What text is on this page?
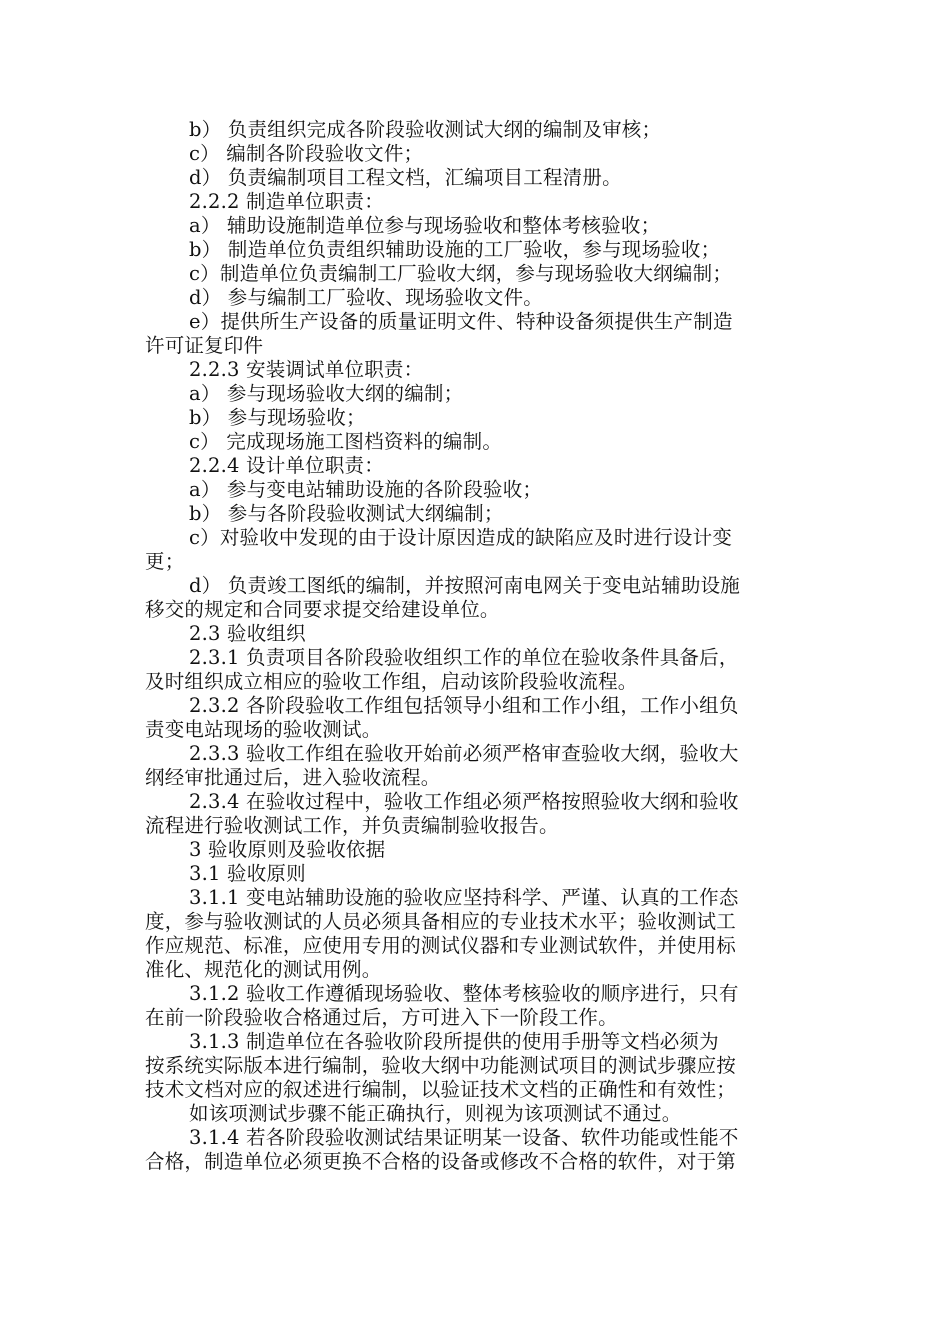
b） 负责组织完成各阶段验收测试大纲的编制及审核；
c） 编制各阶段验收文件；
d） 负责编制项目工程文档，汇编项目工程清册。
2.2.2 制造单位职责：
a） 辅助设施制造单位参与现场验收和整体考核验收；
b） 制造单位负责组织辅助设施的工厂验收，参与现场验收；
c）制造单位负责编制工厂验收大纲，参与现场验收大纲编制；
d） 参与编制工厂验收、现场验收文件。
e）提供所生产设备的质量证明文件、特种设备须提供生产制造
许可证复印件
2.2.3 安装调试单位职责：
a） 参与现场验收大纲的编制；
b） 参与现场验收；
c） 完成现场施工图档资料的编制。
2.2.4 设计单位职责：
a） 参与变电站辅助设施的各阶段验收；
b） 参与各阶段验收测试大纲编制；
c）对验收中发现的由于设计原因造成的缺陷应及时进行设计变
更；
d） 负责竣工图纸的编制，并按照河南电网关于变电站辅助设施
移交的规定和合同要求提交给建设单位。
2.3 验收组织
2.3.1 负责项目各阶段验收组织工作的单位在验收条件具备后，
及时组织成立相应的验收工作组，启动该阶段验收流程。
2.3.2 各阶段验收工作组包括领导小组和工作小组，工作小组负
责变电站现场的验收测试。
2.3.3 验收工作组在验收开始前必须严格审查验收大纲，验收大
纲经审批通过后，进入验收流程。
2.3.4 在验收过程中，验收工作组必须严格按照验收大纲和验收
流程进行验收测试工作，并负责编制验收报告。
3 验收原则及验收依据
3.1 验收原则
3.1.1 变电站辅助设施的验收应坚持科学、严谨、认真的工作态
度，参与验收测试的人员必须具备相应的专业技术水平；验收测试工
作应规范、标准，应使用专用的测试仪器和专业测试软件，并使用标
准化、规范化的测试用例。
3.1.2 验收工作遵循现场验收、整体考核验收的顺序进行，只有
在前一阶段验收合格通过后，方可进入下一阶段工作。
3.1.3 制造单位在各验收阶段所提供的使用手册等文档必须为
按系统实际版本进行编制，验收大纲中功能测试项目的测试步骤应按
技术文档对应的叙述进行编制，以验证技术文档的正确性和有效性；
如该项测试步骤不能正确执行，则视为该项测试不通过。
3.1.4 若各阶段验收测试结果证明某一设备、软件功能或性能不
合格，制造单位必须更换不合格的设备或修改不合格的软件，对于第
